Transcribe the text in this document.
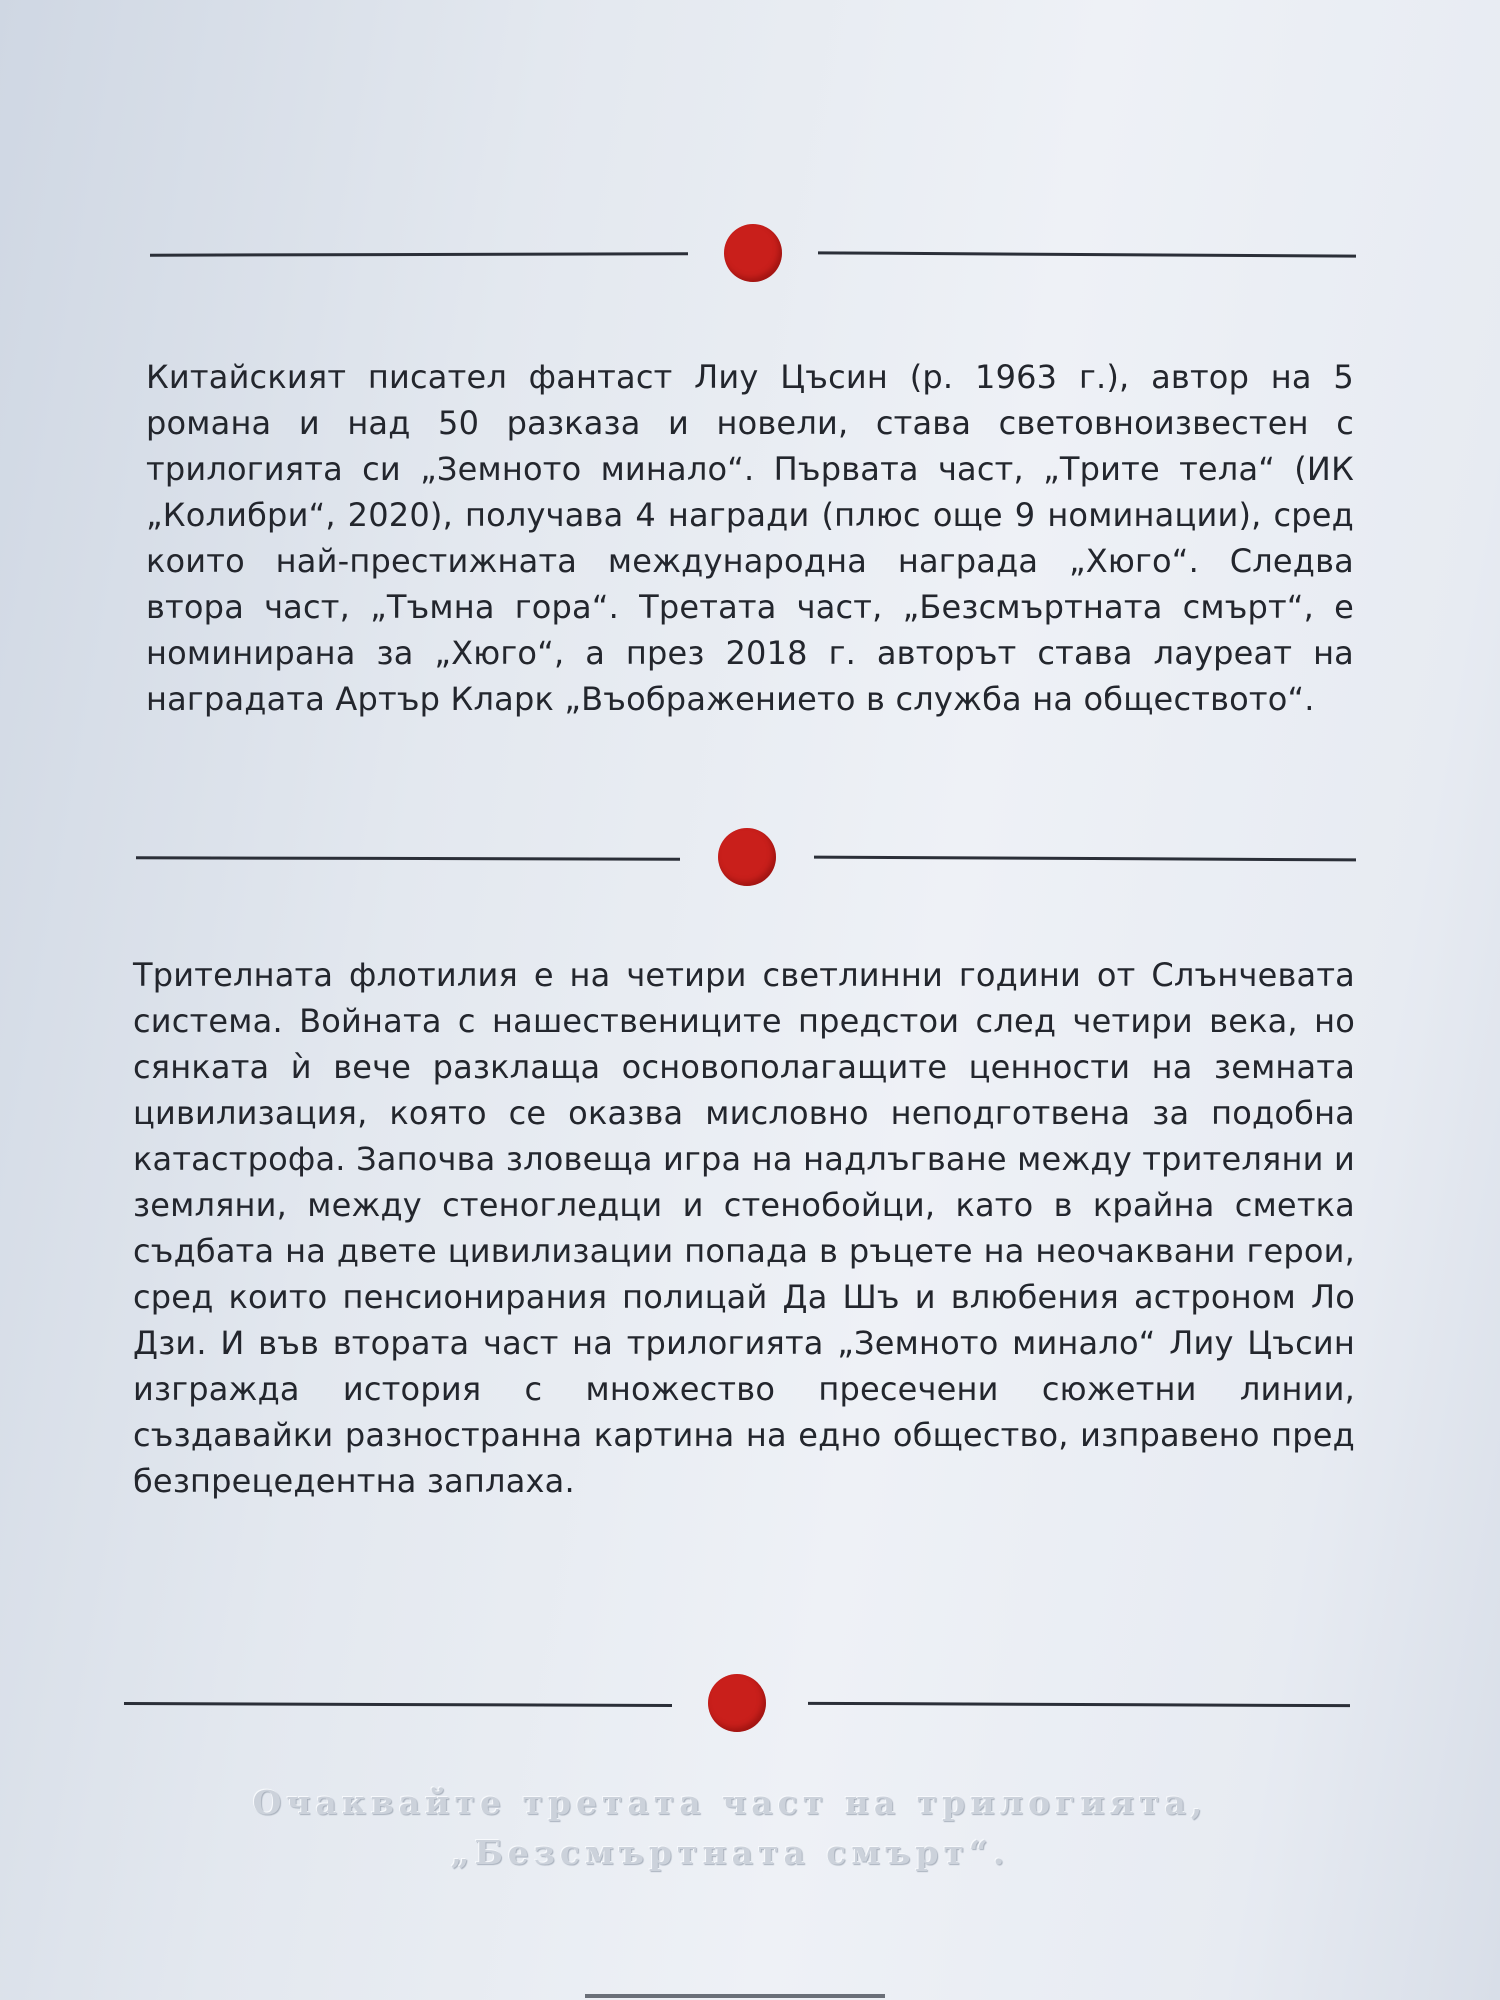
Китайският писател фантаст Лиу Цъсин (р. 1963 г.), автор на 5 романа и над 50 разказа и новели, става световноизвестен с трилогията си „Земното минало“. Първата част, „Трите тела“ (ИК „Колибри“, 2020), получава 4 награди (плюс още 9 номинации), сред които най-престижната международна награда „Хюго“. Следва втора част, „Тъмна гора“. Третата част, „Безсмъртната смърт“, е номинирана за „Хюго“, а през 2018 г. авторът става лауреат на наградата Артър Кларк „Въображението в служба на обществото“.

Трителната флотилия е на четири светлинни години от Слънчевата система. Войната с нашествениците предстои след четири века, но сянката ѝ вече разклаща основополагащите ценности на земната цивилизация, която се оказва мисловно неподготвена за подобна катастрофа. Започва зловеща игра на надлъгване между трителяни и земляни, между стеногледци и стенобойци, като в крайна сметка съдбата на двете цивилизации попада в ръцете на неочаквани герои, сред които пенсионирания полицай Да Шъ и влюбения астроном Ло Дзи. И във втората част на трилогията „Земното минало“ Лиу Цъсин изгражда история с множество пресечени сюжетни линии, създавайки разностранна картина на едно общество, изправено пред безпрецедентна заплаха.

Очаквайте третата част на трилогията,
„Безсмъртната смърт“.
